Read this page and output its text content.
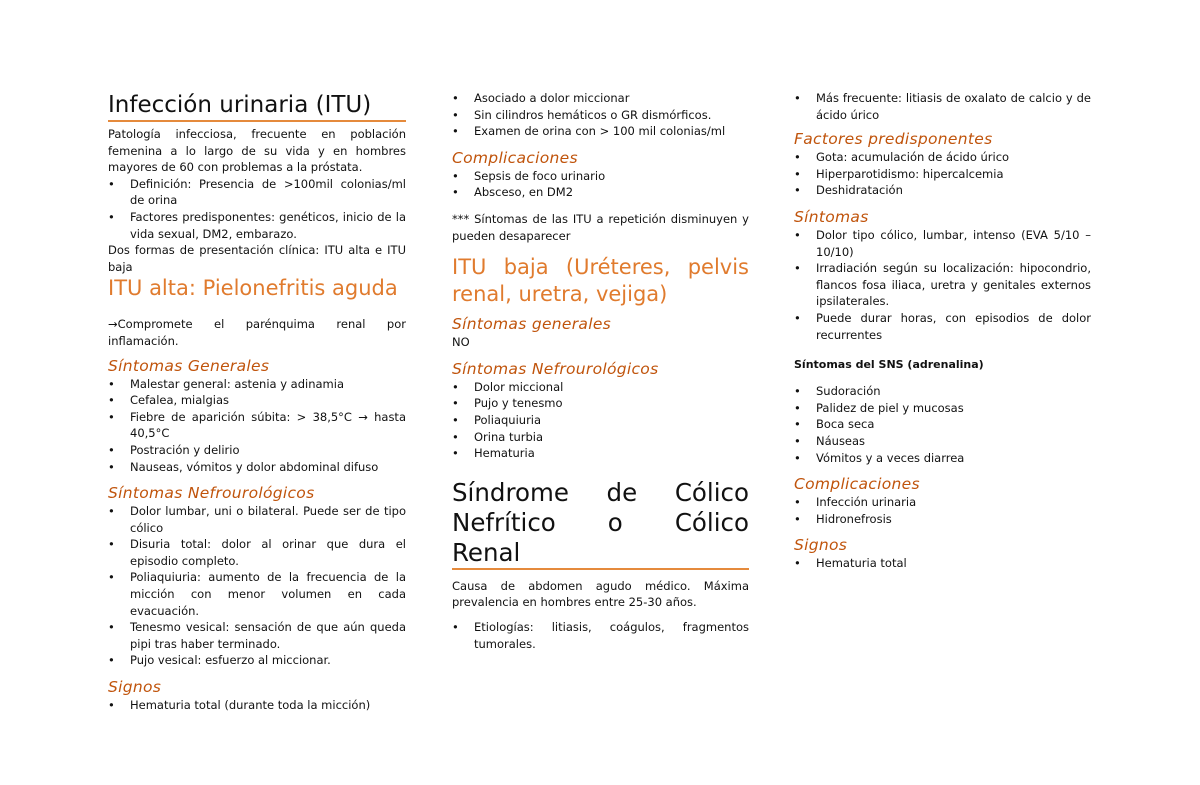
Infección urinaria (ITU)

Patología infecciosa, frecuente en población femenina a lo largo de su vida y en hombres mayores de 60 con problemas a la próstata.

• Definición: Presencia de >100mil colonias/ml de orina
• Factores predisponentes: genéticos, inicio de la vida sexual, DM2, embarazo.

Dos formas de presentación clínica: ITU alta e ITU baja

ITU alta: Pielonefritis aguda

→Compromete el parénquima renal por inflamación.

Síntomas Generales

• Malestar general: astenia y adinamia
• Cefalea, mialgias
• Fiebre de aparición súbita: > 38,5°C → hasta 40,5°C
• Postración y delirio
• Nauseas, vómitos y dolor abdominal difuso

Síntomas Nefrourológicos

• Dolor lumbar, uni o bilateral. Puede ser de tipo cólico
• Disuria total: dolor al orinar que dura el episodio completo.
• Poliaquiuria: aumento de la frecuencia de la micción con menor volumen en cada evacuación.
• Tenesmo vesical: sensación de que aún queda pipi tras haber terminado.
• Pujo vesical: esfuerzo al miccionar.

Signos

• Hematuria total (durante toda la micción)
• Asociado a dolor miccionar
• Sin cilindros hemáticos o GR dismórficos.
• Examen de orina con > 100 mil colonias/ml

Complicaciones

• Sepsis de foco urinario
• Absceso, en DM2

*** Síntomas de las ITU a repetición disminuyen y pueden desaparecer

ITU baja (Uréteres, pelvis renal, uretra, vejiga)

Síntomas generales

NO

Síntomas Nefrourológicos

• Dolor miccional
• Pujo y tenesmo
• Poliaquiuria
• Orina turbia
• Hematuria
Síndrome de Cólico
Nefrítico o Cólico

Renal

Causa de abdomen agudo médico. Máxima prevalencia en hombres entre 25-30 años.

• Etiologías: litiasis, coágulos, fragmentos tumorales.
• Más frecuente: litiasis de oxalato de calcio y de ácido úrico

Factores predisponentes

• Gota: acumulación de ácido úrico
• Hiperparotidismo: hipercalcemia
• Deshidratación

Síntomas

• Dolor tipo cólico, lumbar, intenso (EVA 5/10 – 10/10)
• Irradiación según su localización: hipocondrio, flancos fosa iliaca, uretra y genitales externos ipsilaterales.
• Puede durar horas, con episodios de dolor recurrentes

Síntomas del SNS (adrenalina)

• Sudoración
• Palidez de piel y mucosas
• Boca seca
• Náuseas
• Vómitos y a veces diarrea

Complicaciones

• Infección urinaria
• Hidronefrosis

Signos

• Hematuria total
